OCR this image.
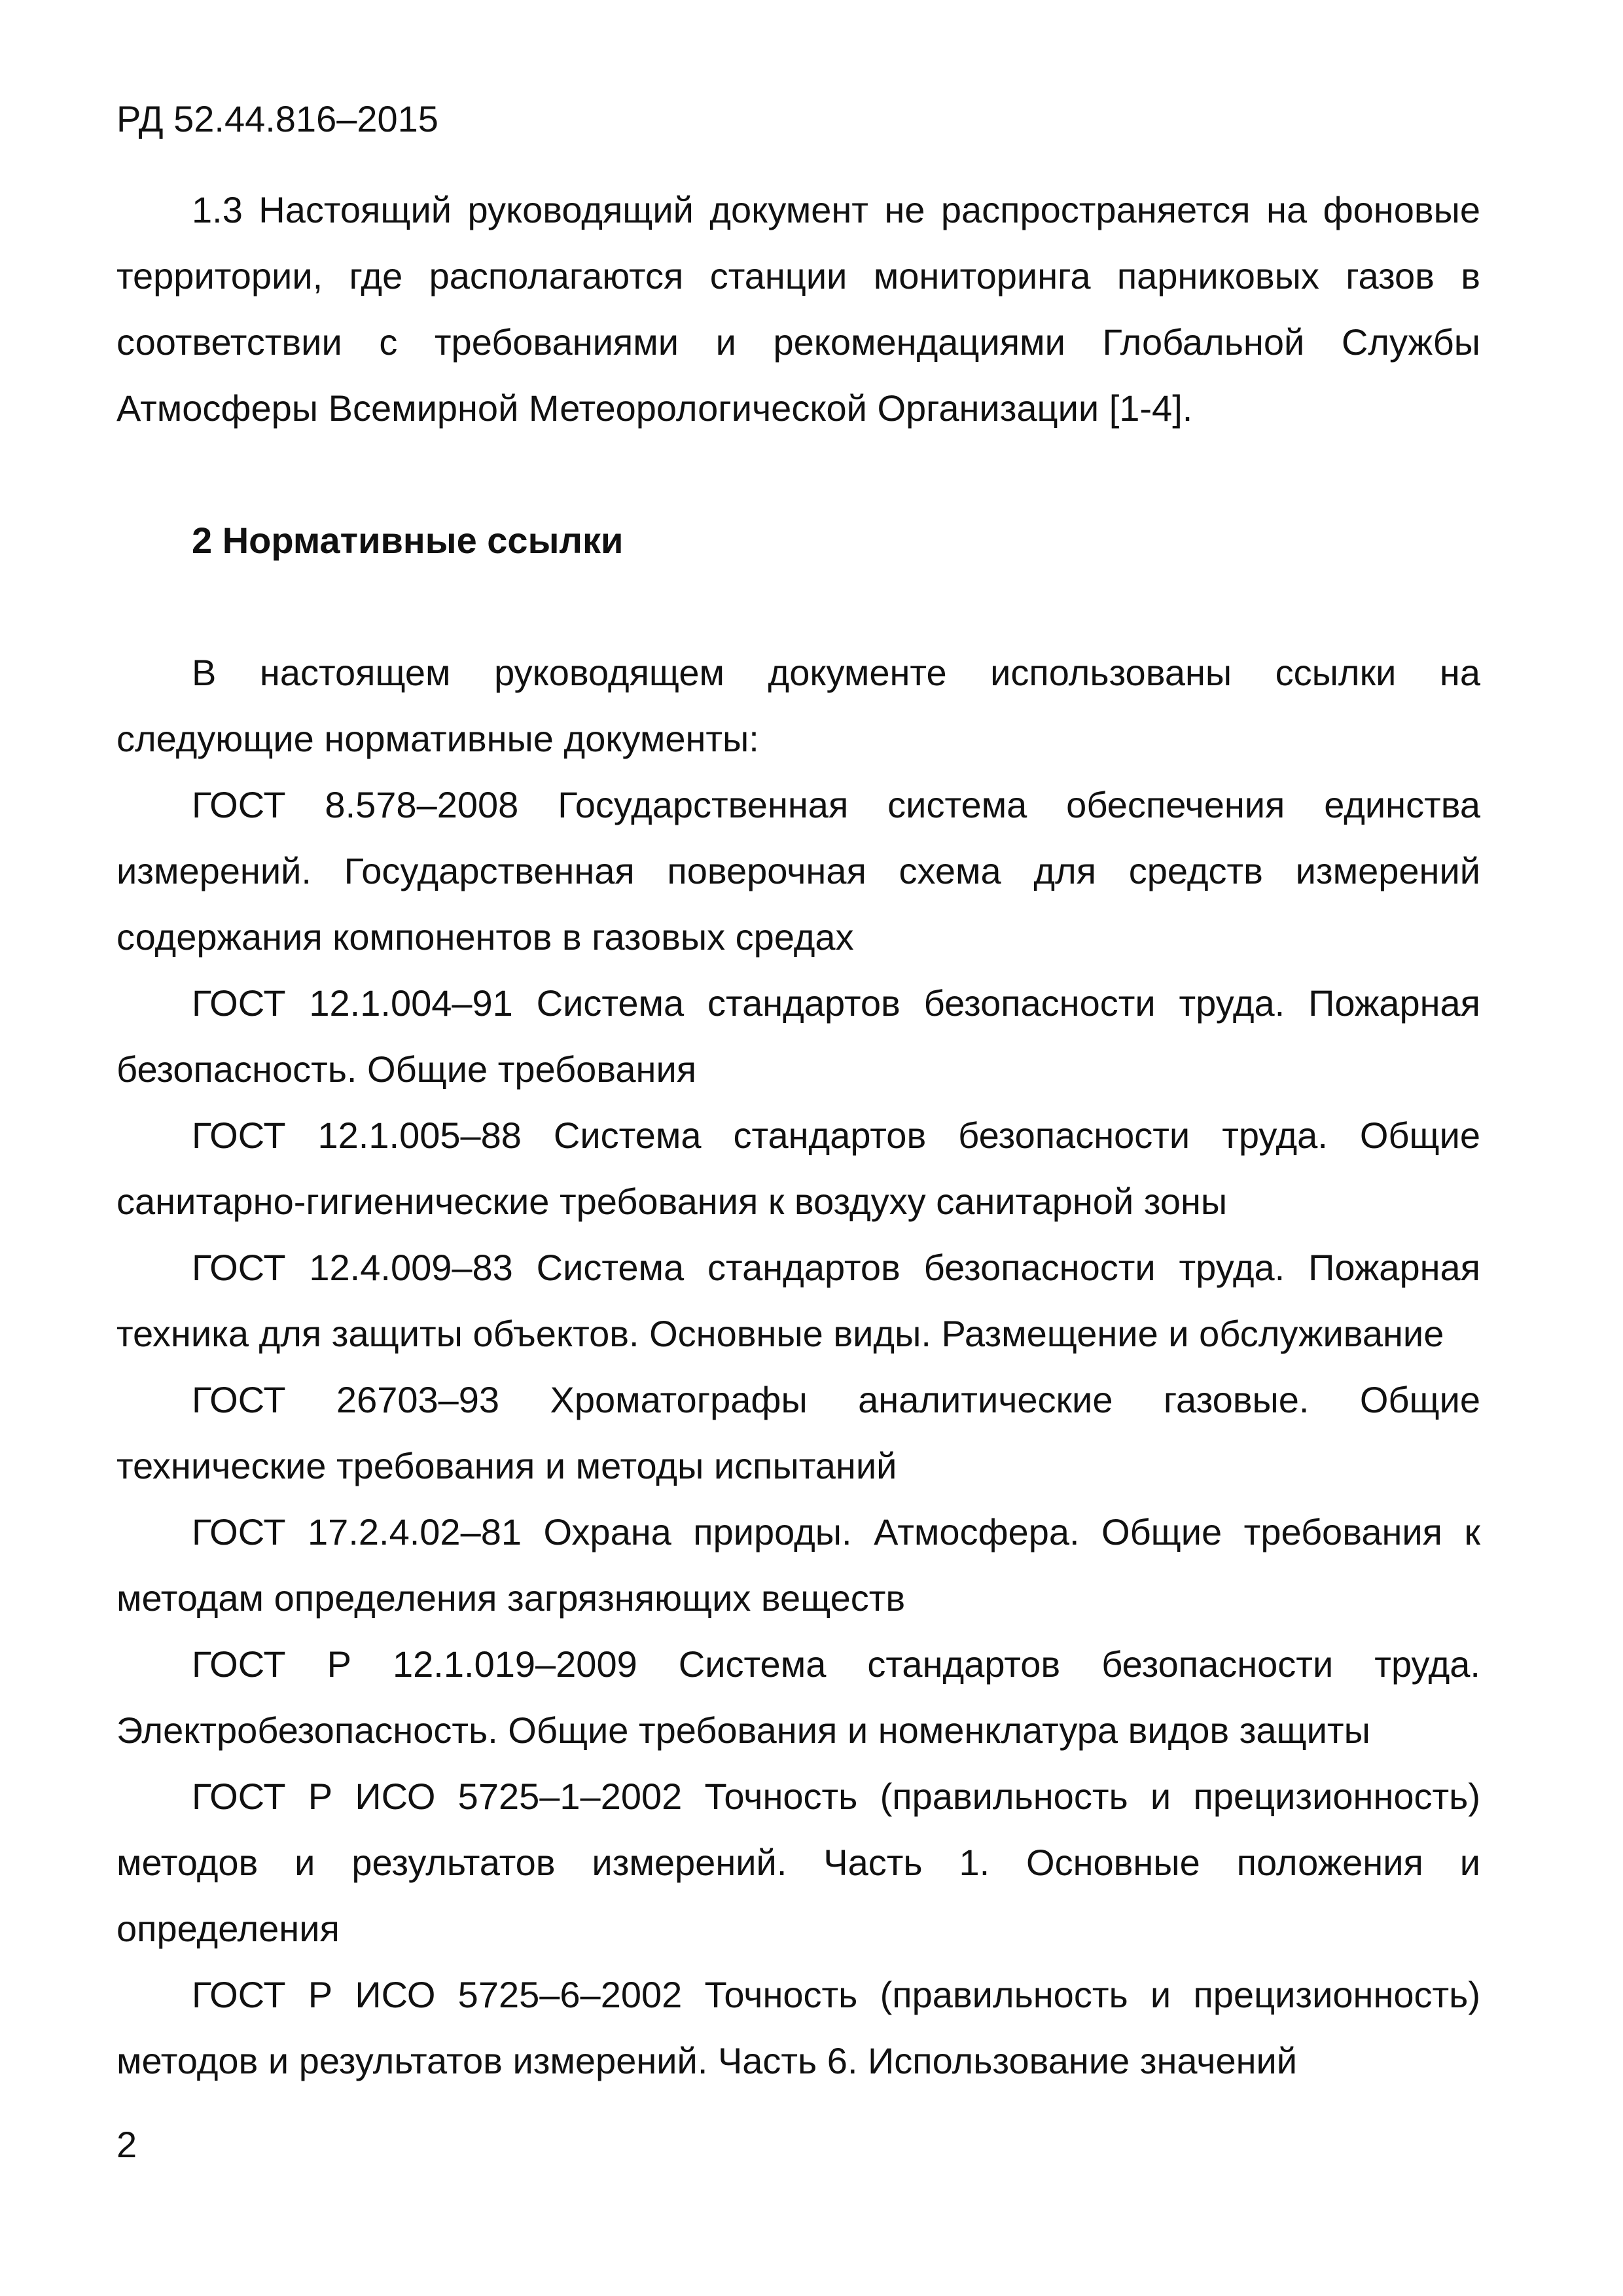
РД 52.44.816–2015

1.3 Настоящий руководящий документ не распространяется на фоновые территории, где располагаются станции мониторинга парниковых газов в соответствии с требованиями и рекомендациями Глобальной Службы Атмосферы Всемирной Метеорологической Организации [1-4].

2 Нормативные ссылки

В настоящем руководящем документе использованы ссылки на следующие нормативные документы:

ГОСТ 8.578–2008 Государственная система обеспечения единства измерений. Государственная поверочная схема для средств измерений содержания компонентов в газовых средах

ГОСТ 12.1.004–91 Система стандартов безопасности труда. Пожарная безопасность. Общие требования

ГОСТ 12.1.005–88 Система стандартов безопасности труда. Общие санитарно-гигиенические требования к воздуху санитарной зоны

ГОСТ 12.4.009–83 Система стандартов безопасности труда. Пожарная техника для защиты объектов. Основные виды. Размещение и обслуживание

ГОСТ 26703–93 Хроматографы аналитические газовые. Общие технические требования и методы испытаний

ГОСТ 17.2.4.02–81 Охрана природы. Атмосфера. Общие требования к методам определения загрязняющих веществ

ГОСТ Р 12.1.019–2009 Система стандартов безопасности труда. Электробезопасность. Общие требования и номенклатура видов защиты

ГОСТ Р ИСО 5725–1–2002 Точность (правильность и прецизионность) методов и результатов измерений. Часть 1. Основные положения и определения

ГОСТ Р ИСО 5725–6–2002 Точность (правильность и прецизионность) методов и результатов измерений. Часть 6. Использование значений

2
